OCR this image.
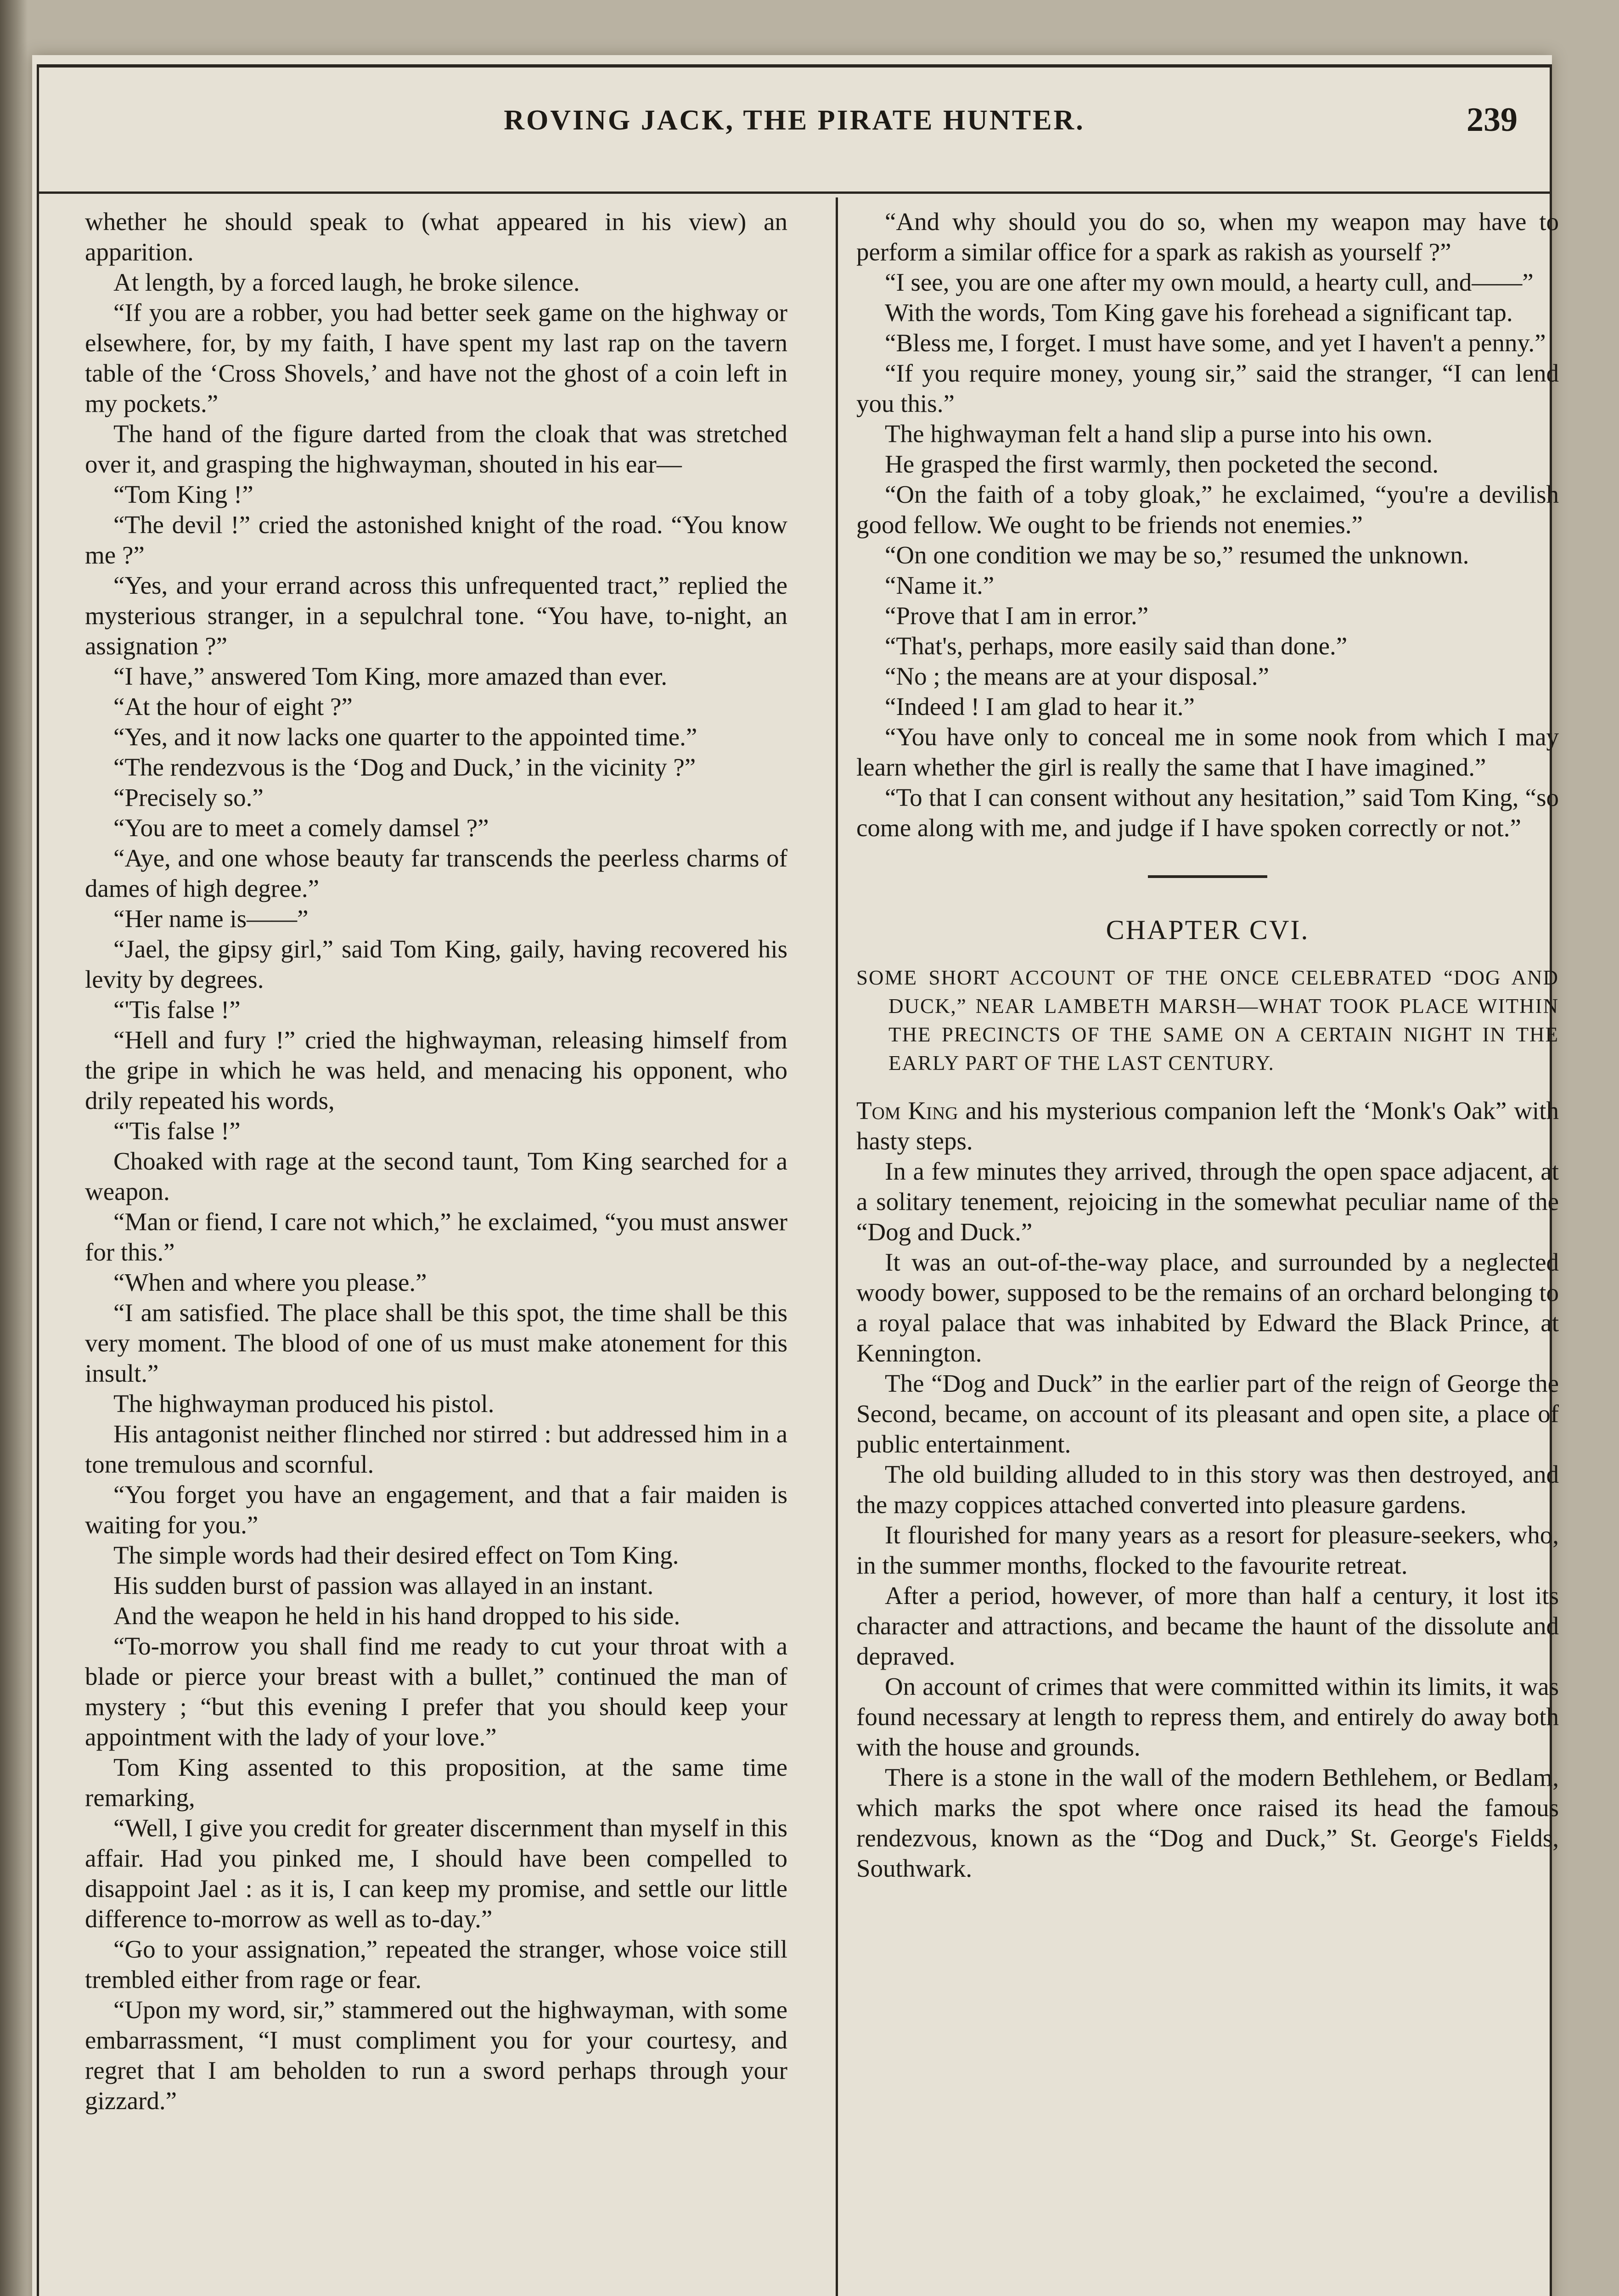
ROVING JACK, THE PIRATE HUNTER.	239

whether he should speak to (what appeared in his view) an apparition.

At length, by a forced laugh, he broke silence.

“If you are a robber, you had better seek game on the highway or elsewhere, for, by my faith, I have spent my last rap on the tavern table of the ‘Cross Shovels,’ and have not the ghost of a coin left in my pockets.”

The hand of the figure darted from the cloak that was stretched over it, and grasping the highwayman, shouted in his ear—

“Tom King !”

“The devil !” cried the astonished knight of the road. “You know me ?”

“Yes, and your errand across this unfrequented tract,” replied the mysterious stranger, in a sepulchral tone. “You have, to-night, an assignation ?”

“I have,” answered Tom King, more amazed than ever.

“At the hour of eight ?”

“Yes, and it now lacks one quarter to the appointed time.”

“The rendezvous is the ‘Dog and Duck,’ in the vicinity ?”

“Precisely so.”

“You are to meet a comely damsel ?”

“Aye, and one whose beauty far transcends the peerless charms of dames of high degree.”

“Her name is——”

“Jael, the gipsy girl,” said Tom King, gaily, having recovered his levity by degrees.

“'Tis false !”

“Hell and fury !” cried the highwayman, releasing himself from the gripe in which he was held, and menacing his opponent, who drily repeated his words,

“'Tis false !”

Choaked with rage at the second taunt, Tom King searched for a weapon.

“Man or fiend, I care not which,” he exclaimed, “you must answer for this.”

“When and where you please.”

“I am satisfied. The place shall be this spot, the time shall be this very moment. The blood of one of us must make atonement for this insult.”

The highwayman produced his pistol.

His antagonist neither flinched nor stirred : but addressed him in a tone tremulous and scornful.

“You forget you have an engagement, and that a fair maiden is waiting for you.”

The simple words had their desired effect on Tom King.

His sudden burst of passion was allayed in an instant.

And the weapon he held in his hand dropped to his side.

“To-morrow you shall find me ready to cut your throat with a blade or pierce your breast with a bullet,” continued the man of mystery ; “but this evening I prefer that you should keep your appointment with the lady of your love.”

Tom King assented to this proposition, at the same time remarking,

“Well, I give you credit for greater discernment than myself in this affair. Had you pinked me, I should have been compelled to disappoint Jael : as it is, I can keep my promise, and settle our little difference to-morrow as well as to-day.”

“Go to your assignation,” repeated the stranger, whose voice still trembled either from rage or fear.

“Upon my word, sir,” stammered out the highwayman, with some embarrassment, “I must compliment you for your courtesy, and regret that I am beholden to run a sword perhaps through your gizzard.”

“And why should you do so, when my weapon may have to perform a similar office for a spark as rakish as yourself ?”

“I see, you are one after my own mould, a hearty cull, and——”

With the words, Tom King gave his forehead a significant tap.

“Bless me, I forget. I must have some, and yet I haven't a penny.”

“If you require money, young sir,” said the stranger, “I can lend you this.”

The highwayman felt a hand slip a purse into his own.

He grasped the first warmly, then pocketed the second.

“On the faith of a toby gloak,” he exclaimed, “you're a devilish good fellow. We ought to be friends not enemies.”

“On one condition we may be so,” resumed the unknown.

“Name it.”

“Prove that I am in error.”

“That's, perhaps, more easily said than done.”

“No ; the means are at your disposal.”

“Indeed ! I am glad to hear it.”

“You have only to conceal me in some nook from which I may learn whether the girl is really the same that I have imagined.”

“To that I can consent without any hesitation,” said Tom King, “so come along with me, and judge if I have spoken correctly or not.”

CHAPTER CVI.
SOME SHORT ACCOUNT OF THE ONCE CELEBRATED “DOG AND DUCK,” NEAR LAMBETH MARSH—WHAT TOOK PLACE WITHIN THE PRECINCTS OF THE SAME ON A CERTAIN NIGHT IN THE EARLY PART OF THE LAST CENTURY.

Tom King and his mysterious companion left the ‘Monk's Oak” with hasty steps.

In a few minutes they arrived, through the open space adjacent, at a solitary tenement, rejoicing in the somewhat peculiar name of the “Dog and Duck.”

It was an out-of-the-way place, and surrounded by a neglected woody bower, supposed to be the remains of an orchard belonging to a royal palace that was inhabited by Edward the Black Prince, at Kennington.

The “Dog and Duck” in the earlier part of the reign of George the Second, became, on account of its pleasant and open site, a place of public entertainment.

The old building alluded to in this story was then destroyed, and the mazy coppices attached converted into pleasure gardens.

It flourished for many years as a resort for pleasure-seekers, who, in the summer months, flocked to the favourite retreat.

After a period, however, of more than half a century, it lost its character and attractions, and became the haunt of the dissolute and depraved.

On account of crimes that were committed within its limits, it was found necessary at length to repress them, and entirely do away both with the house and grounds.

There is a stone in the wall of the modern Bethlehem, or Bedlam, which marks the spot where once raised its head the famous rendezvous, known as the “Dog and Duck,” St. George's Fields, Southwark.
